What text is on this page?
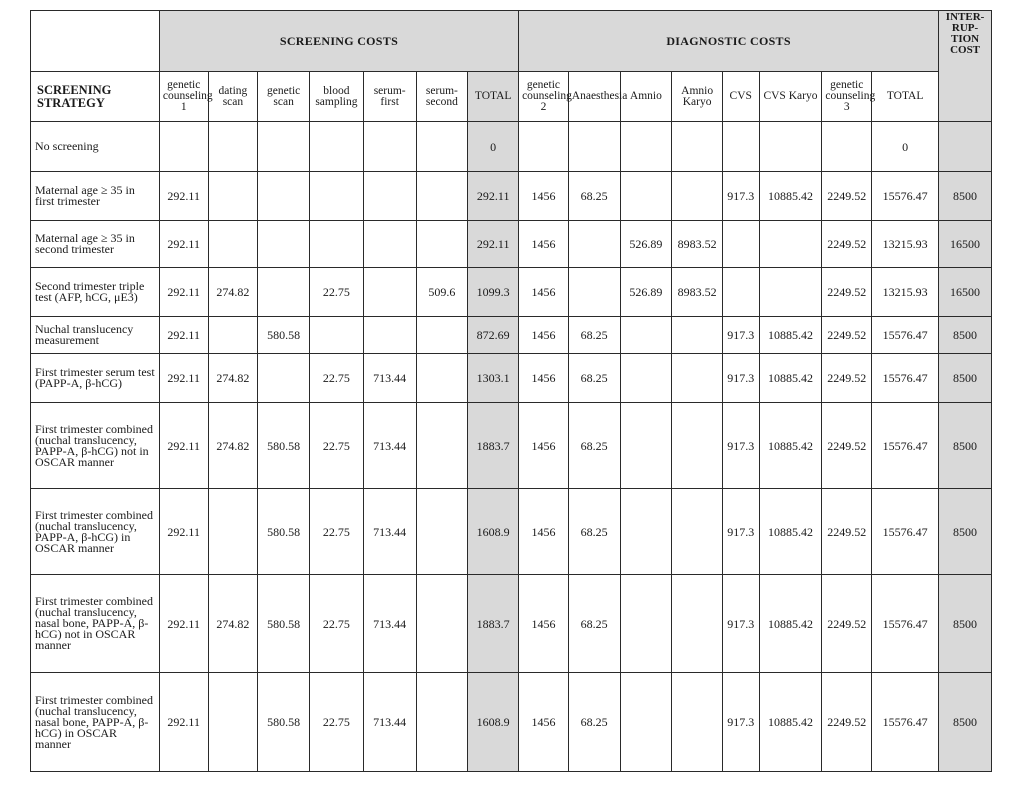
	SCREENING COSTS							DIAGNOSTIC COSTS								INTER-RUP-TION COST
SCREENING STRATEGY	genetic counseling 1	dating scan	genetic scan	blood sampling	serum-first	serum-second	TOTAL	genetic counseling 2	Anaesthesia	Amnio	Amnio Karyo	CVS	CVS Karyo	genetic counseling 3	TOTAL	
No screening							0								0	
Maternal age ≥ 35 in first trimester	292.11						292.11	1456	68.25			917.3	10885.42	2249.52	15576.47	8500
Maternal age ≥ 35 in second trimester	292.11						292.11	1456		526.89	8983.52			2249.52	13215.93	16500
Second trimester triple test (AFP, hCG, μE3)	292.11	274.82		22.75		509.6	1099.3	1456		526.89	8983.52			2249.52	13215.93	16500
Nuchal translucency measurement	292.11		580.58				872.69	1456	68.25			917.3	10885.42	2249.52	15576.47	8500
First trimester serum test (PAPP-A, β-hCG)	292.11	274.82		22.75	713.44		1303.1	1456	68.25			917.3	10885.42	2249.52	15576.47	8500
First trimester combined (nuchal translucency, PAPP-A, β-hCG) not in OSCAR manner	292.11	274.82	580.58	22.75	713.44		1883.7	1456	68.25			917.3	10885.42	2249.52	15576.47	8500
First trimester combined (nuchal translucency, PAPP-A, β-hCG) in OSCAR manner	292.11		580.58	22.75	713.44		1608.9	1456	68.25			917.3	10885.42	2249.52	15576.47	8500
First trimester combined (nuchal translucency, nasal bone, PAPP-A, β-hCG) not in OSCAR manner	292.11	274.82	580.58	22.75	713.44		1883.7	1456	68.25			917.3	10885.42	2249.52	15576.47	8500
First trimester combined (nuchal translucency, nasal bone, PAPP-A, β-hCG) in OSCAR manner	292.11		580.58	22.75	713.44		1608.9	1456	68.25			917.3	10885.42	2249.52	15576.47	8500
